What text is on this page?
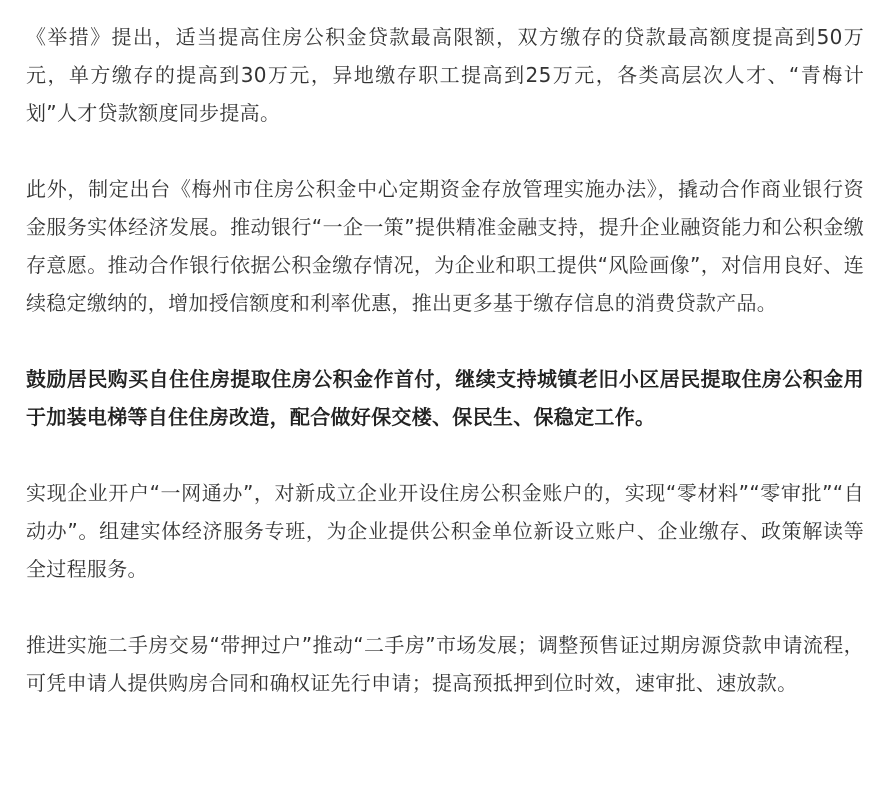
《举措》提出，适当提高住房公积金贷款最高限额，双方缴存的贷款最高额度提高到50万元，单方缴存的提高到30万元，异地缴存职工提高到25万元，各类高层次人才、“青梅计划”人才贷款额度同步提高。

此外，制定出台《梅州市住房公积金中心定期资金存放管理实施办法》，撬动合作商业银行资金服务实体经济发展。推动银行“一企一策”提供精准金融支持，提升企业融资能力和公积金缴存意愿。推动合作银行依据公积金缴存情况，为企业和职工提供“风险画像”，对信用良好、连续稳定缴纳的，增加授信额度和利率优惠，推出更多基于缴存信息的消费贷款产品。

鼓励居民购买自住住房提取住房公积金作首付，继续支持城镇老旧小区居民提取住房公积金用于加装电梯等自住住房改造，配合做好保交楼、保民生、保稳定工作。

实现企业开户“一网通办”，对新成立企业开设住房公积金账户的，实现“零材料”“零审批”“自动办”。组建实体经济服务专班，为企业提供公积金单位新设立账户、企业缴存、政策解读等全过程服务。

推进实施二手房交易“带押过户”推动“二手房”市场发展；调整预售证过期房源贷款申请流程，可凭申请人提供购房合同和确权证先行申请；提高预抵押到位时效，速审批、速放款。
